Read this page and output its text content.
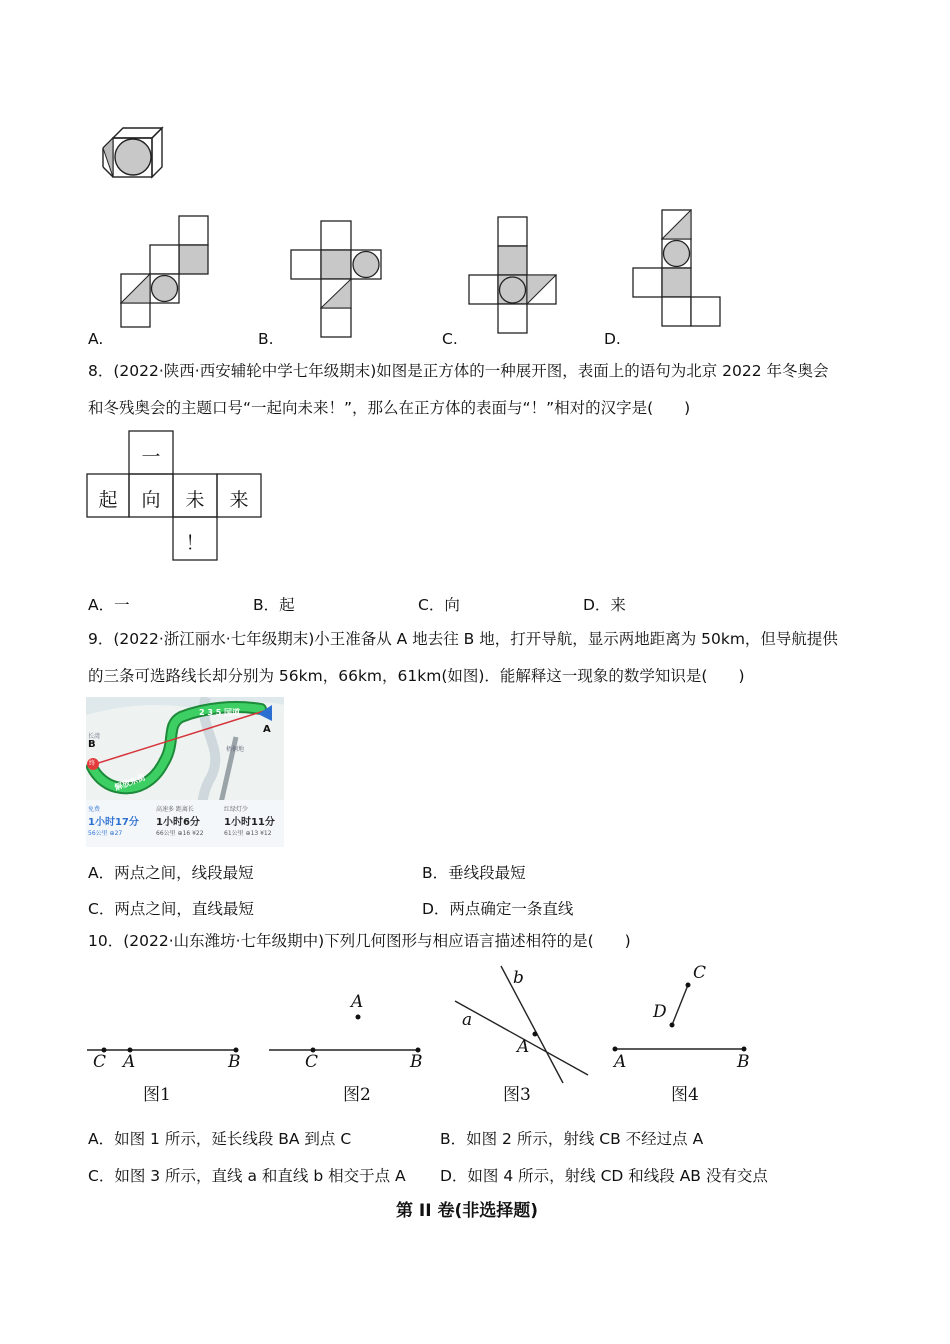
A.	B.	C.	D.
8．(2022·陕西·西安辅轮中学七年级期末)如图是正方体的一种展开图，表面上的语句为北京 2022 年冬奥会
和冬残奥会的主题口号“一起向未来！”，那么在正方体的表面与“！”相对的汉字是(　　)
一
起	向	未	来
！
A．一	B．起	C．向	D．来
9．(2022·浙江丽水·七年级期末)小王准备从 A 地去往 B 地，打开导航，显示两地距离为 50km，但导航提供
的三条可选路线长却分别为 56km，66km，61km(如图)．能解释这一现象的数学知识是(　　)
A
B
终
长湾
梧桐地
2 3 5 国道
解放东街
免费
1小时17分
56公里 ⊕27
高速多 距离长
1小时6分
66公里 ⊕16 ¥22
红绿灯少
1小时11分
61公里 ⊕13 ¥12
A．两点之间，线段最短	B．垂线段最短
C．两点之间，直线最短	D．两点确定一条直线
10．(2022·山东潍坊·七年级期中)下列几何图形与相应语言描述相符的是(　　)
C A	B
图1
A
C	B
图2
b
a
A
图3
C
D
A	B
图4
A．如图 1 所示，延长线段 BA 到点 C	B．如图 2 所示，射线 CB 不经过点 A
C．如图 3 所示，直线 a 和直线 b 相交于点 A D．如图 4 所示，射线 CD 和线段 AB 没有交点
第 II 卷(非选择题)
